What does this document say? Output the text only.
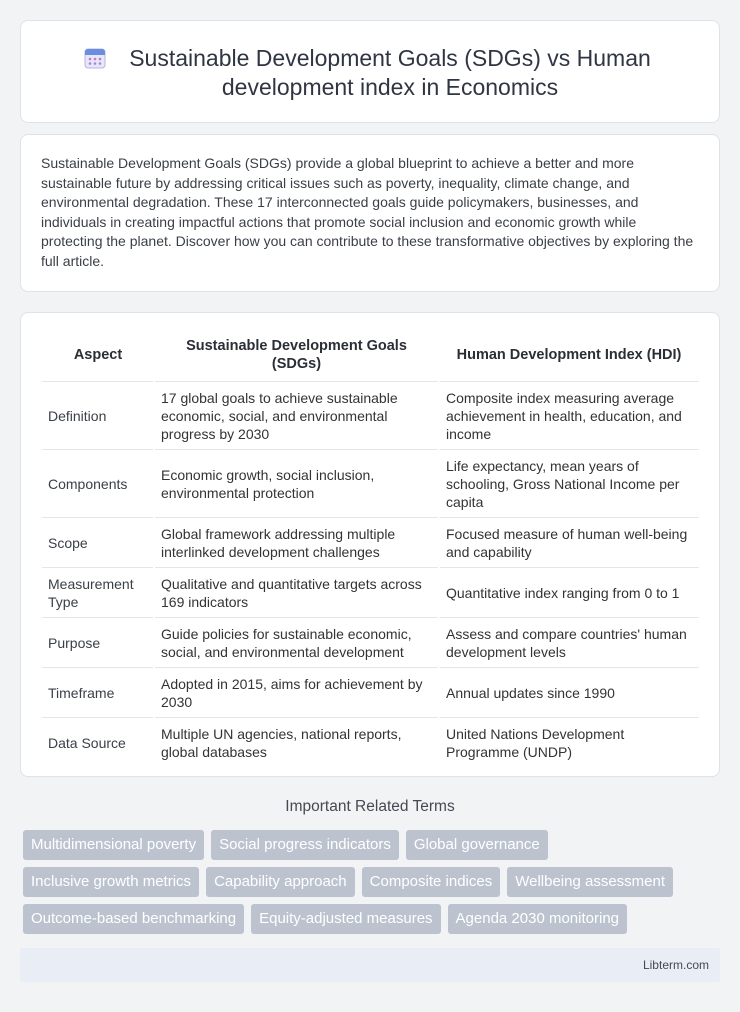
Sustainable Development Goals (SDGs) vs Human development index in Economics

Sustainable Development Goals (SDGs) provide a global blueprint to achieve a better and more sustainable future by addressing critical issues such as poverty, inequality, climate change, and environmental degradation. These 17 interconnected goals guide policymakers, businesses, and individuals in creating impactful actions that promote social inclusion and economic growth while protecting the planet. Discover how you can contribute to these transformative objectives by exploring the full article.

Aspect	Sustainable Development Goals (SDGs)	Human Development Index (HDI)
Definition	17 global goals to achieve sustainable economic, social, and environmental progress by 2030	Composite index measuring average achievement in health, education, and income
Components	Economic growth, social inclusion, environmental protection	Life expectancy, mean years of schooling, Gross National Income per capita
Scope	Global framework addressing multiple interlinked development challenges	Focused measure of human well-being and capability
Measurement Type	Qualitative and quantitative targets across 169 indicators	Quantitative index ranging from 0 to 1
Purpose	Guide policies for sustainable economic, social, and environmental development	Assess and compare countries' human development levels
Timeframe	Adopted in 2015, aims for achievement by 2030	Annual updates since 1990
Data Source	Multiple UN agencies, national reports, global databases	United Nations Development Programme (UNDP)
Important Related Terms
Multidimensional poverty	Social progress indicators	Global governance
Inclusive growth metrics	Capability approach	Composite indices	Wellbeing assessment
Outcome-based benchmarking	Equity-adjusted measures	Agenda 2030 monitoring
Libterm.com
